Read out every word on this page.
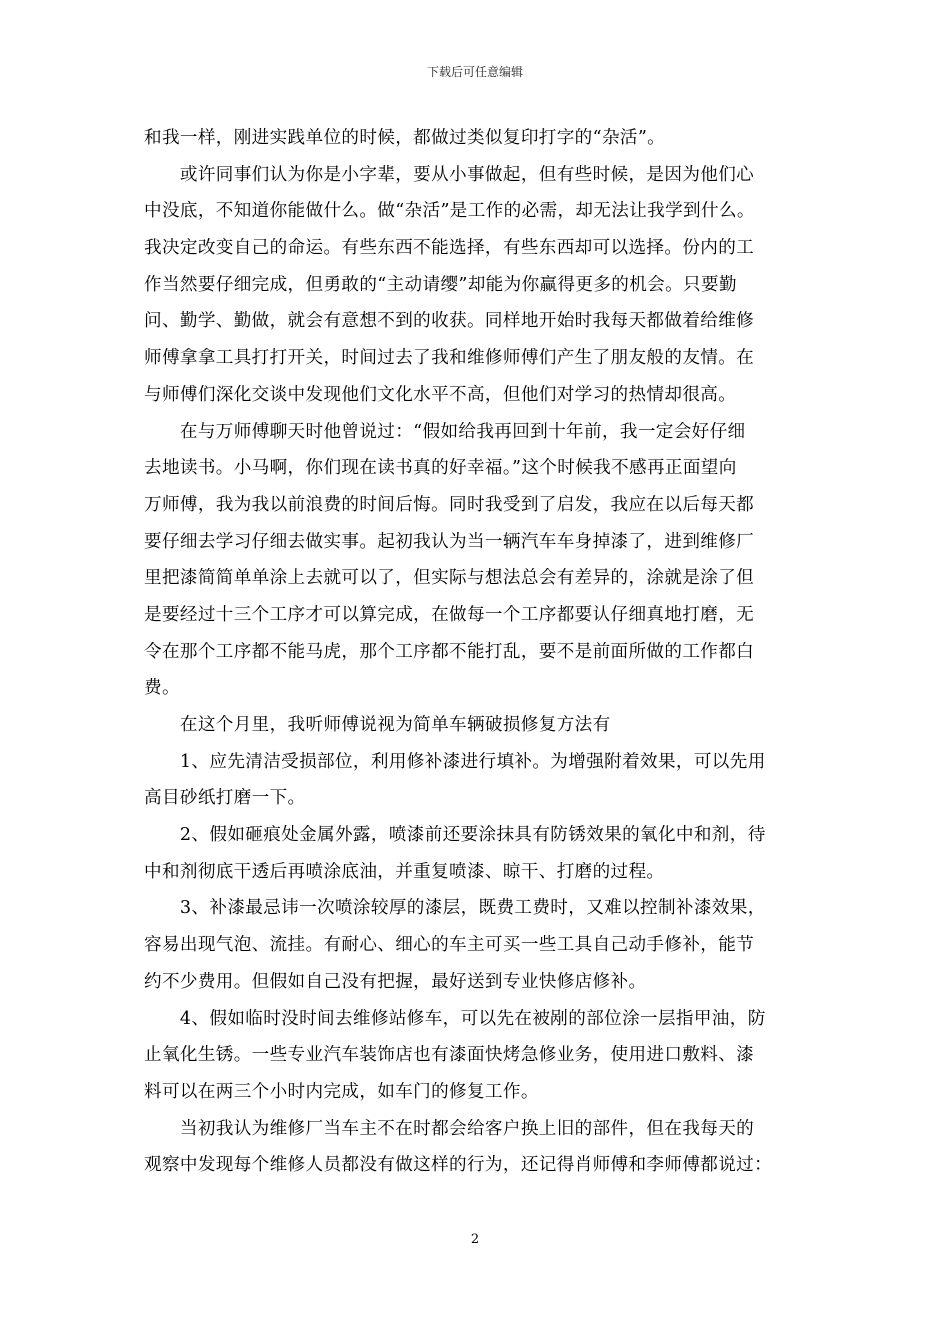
下载后可任意编辑

和我一样，刚进实践单位的时候，都做过类似复印打字的“杂活”。

　　或许同事们认为你是小字辈，要从小事做起，但有些时候，是因为他们心
中没底，不知道你能做什么。做“杂活”是工作的必需，却无法让我学到什么。
我决定改变自己的命运。有些东西不能选择，有些东西却可以选择。份内的工
作当然要仔细完成，但勇敢的“主动请缨”却能为你赢得更多的机会。只要勤
问、勤学、勤做，就会有意想不到的收获。同样地开始时我每天都做着给维修
师傅拿拿工具打打开关，时间过去了我和维修师傅们产生了朋友般的友情。在
与师傅们深化交谈中发现他们文化水平不高，但他们对学习的热情却很高。

　　在与万师傅聊天时他曾说过：“假如给我再回到十年前，我一定会好仔细
去地读书。小马啊，你们现在读书真的好幸福。”这个时候我不感再正面望向
万师傅，我为我以前浪费的时间后悔。同时我受到了启发，我应在以后每天都
要仔细去学习仔细去做实事。起初我认为当一辆汽车车身掉漆了，进到维修厂
里把漆简简单单涂上去就可以了，但实际与想法总会有差异的，涂就是涂了但
是要经过十三个工序才可以算完成，在做每一个工序都要认仔细真地打磨，无
令在那个工序都不能马虎，那个工序都不能打乱，要不是前面所做的工作都白
费。

　　在这个月里，我听师傅说视为简单车辆破损修复方法有

　　1、应先清洁受损部位，利用修补漆进行填补。为增强附着效果，可以先用
高目砂纸打磨一下。

　　2、假如砸痕处金属外露，喷漆前还要涂抹具有防锈效果的氧化中和剂，待
中和剂彻底干透后再喷涂底油，并重复喷漆、晾干、打磨的过程。

　　3、补漆最忌讳一次喷涂较厚的漆层，既费工费时，又难以控制补漆效果，
容易出现气泡、流挂。有耐心、细心的车主可买一些工具自己动手修补，能节
约不少费用。但假如自己没有把握，最好送到专业快修店修补。

　　4、假如临时没时间去维修站修车，可以先在被剐的部位涂一层指甲油，防
止氧化生锈。一些专业汽车装饰店也有漆面快烤急修业务，使用进口敷料、漆
料可以在两三个小时内完成，如车门的修复工作。

　　当初我认为维修厂当车主不在时都会给客户换上旧的部件，但在我每天的
观察中发现每个维修人员都没有做这样的行为，还记得肖师傅和李师傅都说过：

2
